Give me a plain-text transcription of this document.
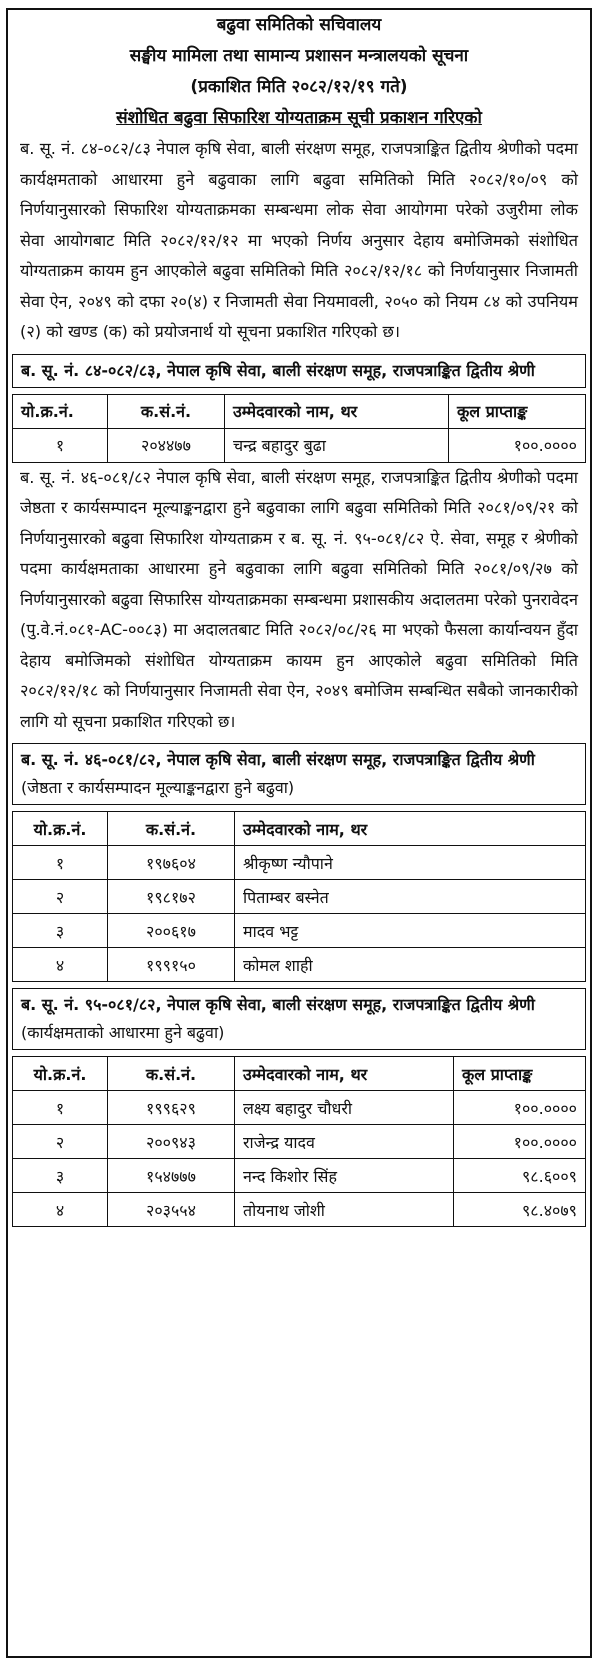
बढुवा समितिको सचिवालय
सङ्घीय मामिला तथा सामान्य प्रशासन मन्त्रालयको सूचना
(प्रकाशित मिति २०८२/१२/१९ गते)
संशोधित बढुवा सिफारिश योग्यताक्रम सूची प्रकाशन गरिएको

ब. सू. नं. ८४-०८२/८३ नेपाल कृषि सेवा, बाली संरक्षण समूह, राजपत्राङ्कित द्वितीय श्रेणीको पदमा कार्यक्षमताको आधारमा हुने बढुवाका लागि बढुवा समितिको मिति २०८२/१०/०९ को निर्णयानुसारको सिफारिश योग्यताक्रमका सम्बन्धमा लोक सेवा आयोगमा परेको उजुरीमा लोक सेवा आयोगबाट मिति २०८२/१२/१२ मा भएको निर्णय अनुसार देहाय बमोजिमको संशोधित योग्यताक्रम कायम हुन आएकोले बढुवा समितिको मिति २०८२/१२/१८ को निर्णयानुसार निजामती सेवा ऐन, २०४९ को दफा २०(४) र निजामती सेवा नियमावली, २०५० को नियम ८४ को उपनियम (२) को खण्ड (क) को प्रयोजनार्थ यो सूचना प्रकाशित गरिएको छ।

ब. सू. नं. ८४-०८२/८३, नेपाल कृषि सेवा, बाली संरक्षण समूह, राजपत्राङ्कित द्वितीय श्रेणी
यो.क्र.नं.	क.सं.नं.	उम्मेदवारको नाम, थर	कूल प्राप्ताङ्क
१	२०४४७७	चन्द्र बहादुर बुढा	१००.००००

ब. सू. नं. ४६-०८१/८२ नेपाल कृषि सेवा, बाली संरक्षण समूह, राजपत्राङ्कित द्वितीय श्रेणीको पदमा जेष्ठता र कार्यसम्पादन मूल्याङ्कनद्वारा हुने बढुवाका लागि बढुवा समितिको मिति २०८१/०९/२१ को निर्णयानुसारको बढुवा सिफारिश योग्यताक्रम र ब. सू. नं. ९५-०८१/८२ ऐ. सेवा, समूह र श्रेणीको पदमा कार्यक्षमताका आधारमा हुने बढुवाका लागि बढुवा समितिको मिति २०८१/०९/२७ को निर्णयानुसारको बढुवा सिफारिस योग्यताक्रमका सम्बन्धमा प्रशासकीय अदालतमा परेको पुनरावेदन (पु.वे.नं.०८१-AC-००८३) मा अदालतबाट मिति २०८२/०८/२६ मा भएको फैसला कार्यान्वयन हुँदा देहाय बमोजिमको संशोधित योग्यताक्रम कायम हुन आएकोले बढुवा समितिको मिति २०८२/१२/१८ को निर्णयानुसार निजामती सेवा ऐन, २०४९ बमोजिम सम्बन्धित सबैको जानकारीको लागि यो सूचना प्रकाशित गरिएको छ।

ब. सू. नं. ४६-०८१/८२, नेपाल कृषि सेवा, बाली संरक्षण समूह, राजपत्राङ्कित द्वितीय श्रेणी (जेष्ठता र कार्यसम्पादन मूल्याङ्कनद्वारा हुने बढुवा)
यो.क्र.नं.	क.सं.नं.	उम्मेदवारको नाम, थर
१	१९७६०४	श्रीकृष्ण न्यौपाने
२	१९८१७२	पिताम्बर बस्नेत
३	२००६१७	मादव भट्ट
४	१९९१५०	कोमल शाही
ब. सू. नं. ९५-०८१/८२, नेपाल कृषि सेवा, बाली संरक्षण समूह, राजपत्राङ्कित द्वितीय श्रेणी (कार्यक्षमताको आधारमा हुने बढुवा)
यो.क्र.नं.	क.सं.नं.	उम्मेदवारको नाम, थर	कूल प्राप्ताङ्क
१	१९९६२९	लक्ष्य बहादुर चौधरी	१००.००००
२	२००९४३	राजेन्द्र यादव	१००.००००
३	१५४७७७	नन्द किशोर सिंह	९८.६००९
४	२०३५५४	तोयनाथ जोशी	९८.४०७९
